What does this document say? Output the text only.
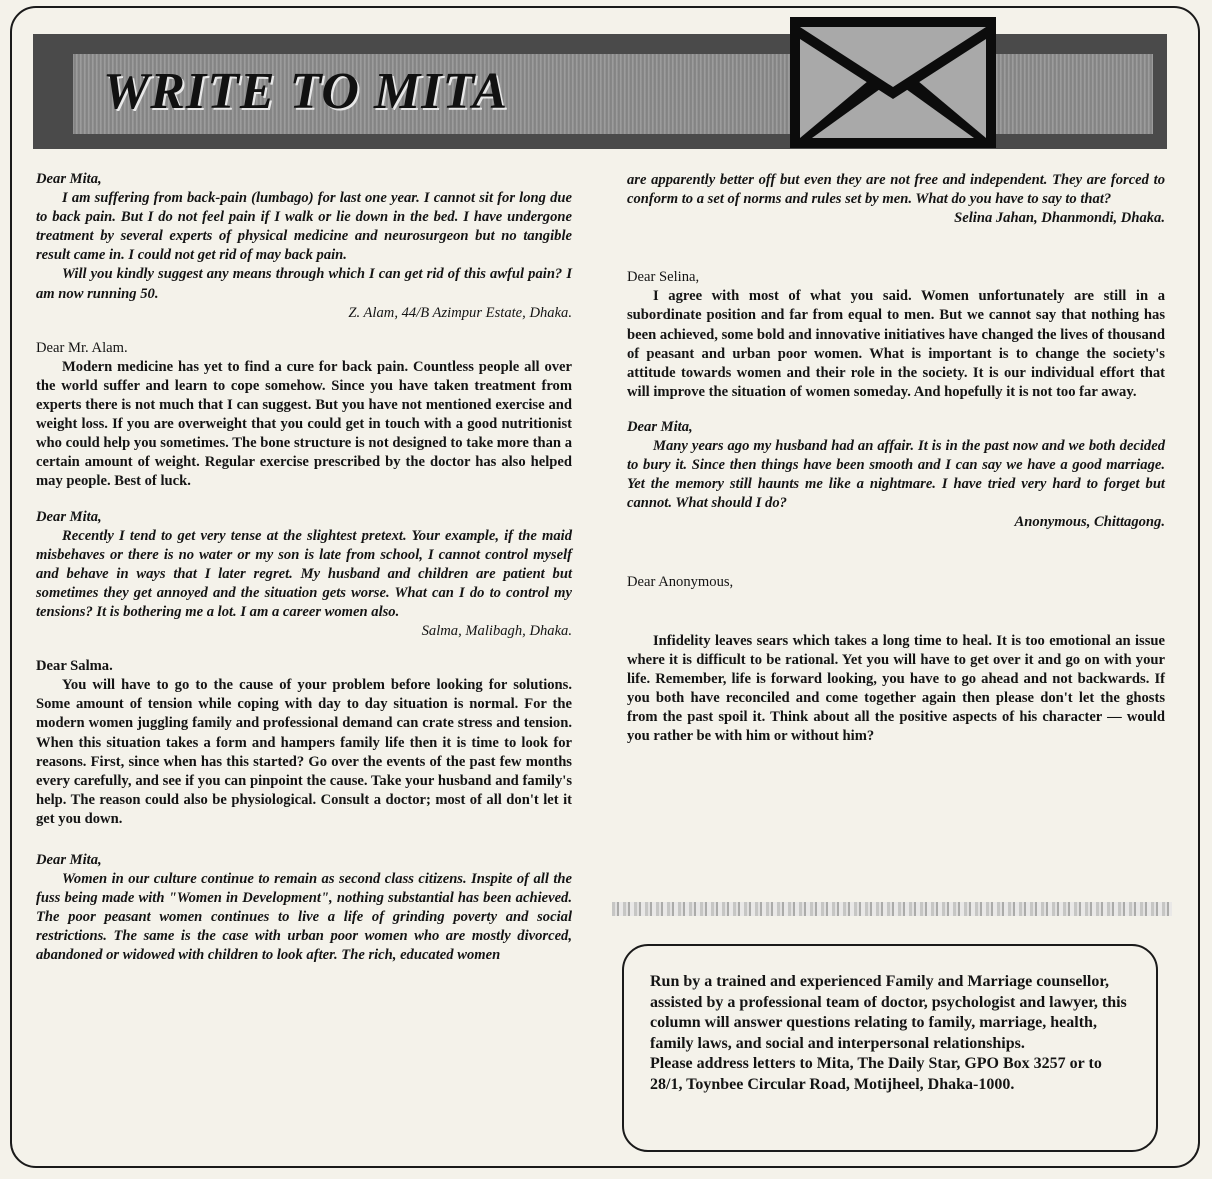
WRITE TO MITA

Dear Mita,

I am suffering from back-pain (lumbago) for last one year. I cannot sit for long due to back pain. But I do not feel pain if I walk or lie down in the bed. I have undergone treatment by several experts of physical medicine and neurosurgeon but no tangible result came in. I could not get rid of may back pain.

Will you kindly suggest any means through which I can get rid of this awful pain? I am now running 50.

Z. Alam, 44/B Azimpur Estate, Dhaka.

Dear Mr. Alam.

Modern medicine has yet to find a cure for back pain. Countless people all over the world suffer and learn to cope somehow. Since you have taken treatment from experts there is not much that I can suggest. But you have not mentioned exercise and weight loss. If you are overweight that you could get in touch with a good nutritionist who could help you sometimes. The bone structure is not designed to take more than a certain amount of weight. Regular exercise prescribed by the doctor has also helped may people. Best of luck.

Dear Mita,

Recently I tend to get very tense at the slightest pretext. Your example, if the maid misbehaves or there is no water or my son is late from school, I cannot control myself and behave in ways that I later regret. My husband and children are patient but sometimes they get annoyed and the situation gets worse. What can I do to control my tensions? It is bothering me a lot. I am a career women also.

Salma, Malibagh, Dhaka.

Dear Salma.

You will have to go to the cause of your problem before looking for solutions. Some amount of tension while coping with day to day situation is normal. For the modern women juggling family and professional demand can crate stress and tension. When this situation takes a form and hampers family life then it is time to look for reasons. First, since when has this started? Go over the events of the past few months every carefully, and see if you can pinpoint the cause. Take your husband and family's help. The reason could also be physiological. Consult a doctor; most of all don't let it get you down.

Dear Mita,

Women in our culture continue to remain as second class citizens. Inspite of all the fuss being made with "Women in Development", nothing substantial has been achieved. The poor peasant women continues to live a life of grinding poverty and social restrictions. The same is the case with urban poor women who are mostly divorced, abandoned or widowed with children to look after. The rich, educated women

are apparently better off but even they are not free and independent. They are forced to conform to a set of norms and rules set by men. What do you have to say to that?

Selina Jahan, Dhanmondi, Dhaka.

Dear Selina,

I agree with most of what you said. Women unfortunately are still in a subordinate position and far from equal to men. But we cannot say that nothing has been achieved, some bold and innovative initiatives have changed the lives of thousand of peasant and urban poor women. What is important is to change the society's attitude towards women and their role in the society. It is our individual effort that will improve the situation of women someday. And hopefully it is not too far away.

Dear Mita,

Many years ago my husband had an affair. It is in the past now and we both decided to bury it. Since then things have been smooth and I can say we have a good marriage. Yet the memory still haunts me like a nightmare. I have tried very hard to forget but cannot. What should I do?

Anonymous, Chittagong.

Dear Anonymous,

Infidelity leaves sears which takes a long time to heal. It is too emotional an issue where it is difficult to be rational. Yet you will have to get over it and go on with your life. Remember, life is forward looking, you have to go ahead and not backwards. If you both have reconciled and come together again then please don't let the ghosts from the past spoil it. Think about all the positive aspects of his character — would you rather be with him or without him?

Run by a trained and experienced Family and Marriage counsellor, assisted by a professional team of doctor, psychologist and lawyer, this column will answer questions relating to family, marriage, health, family laws, and social and interpersonal relationships.

Please address letters to Mita, The Daily Star, GPO Box 3257 or to 28/1, Toynbee Circular Road, Motijheel, Dhaka-1000.
